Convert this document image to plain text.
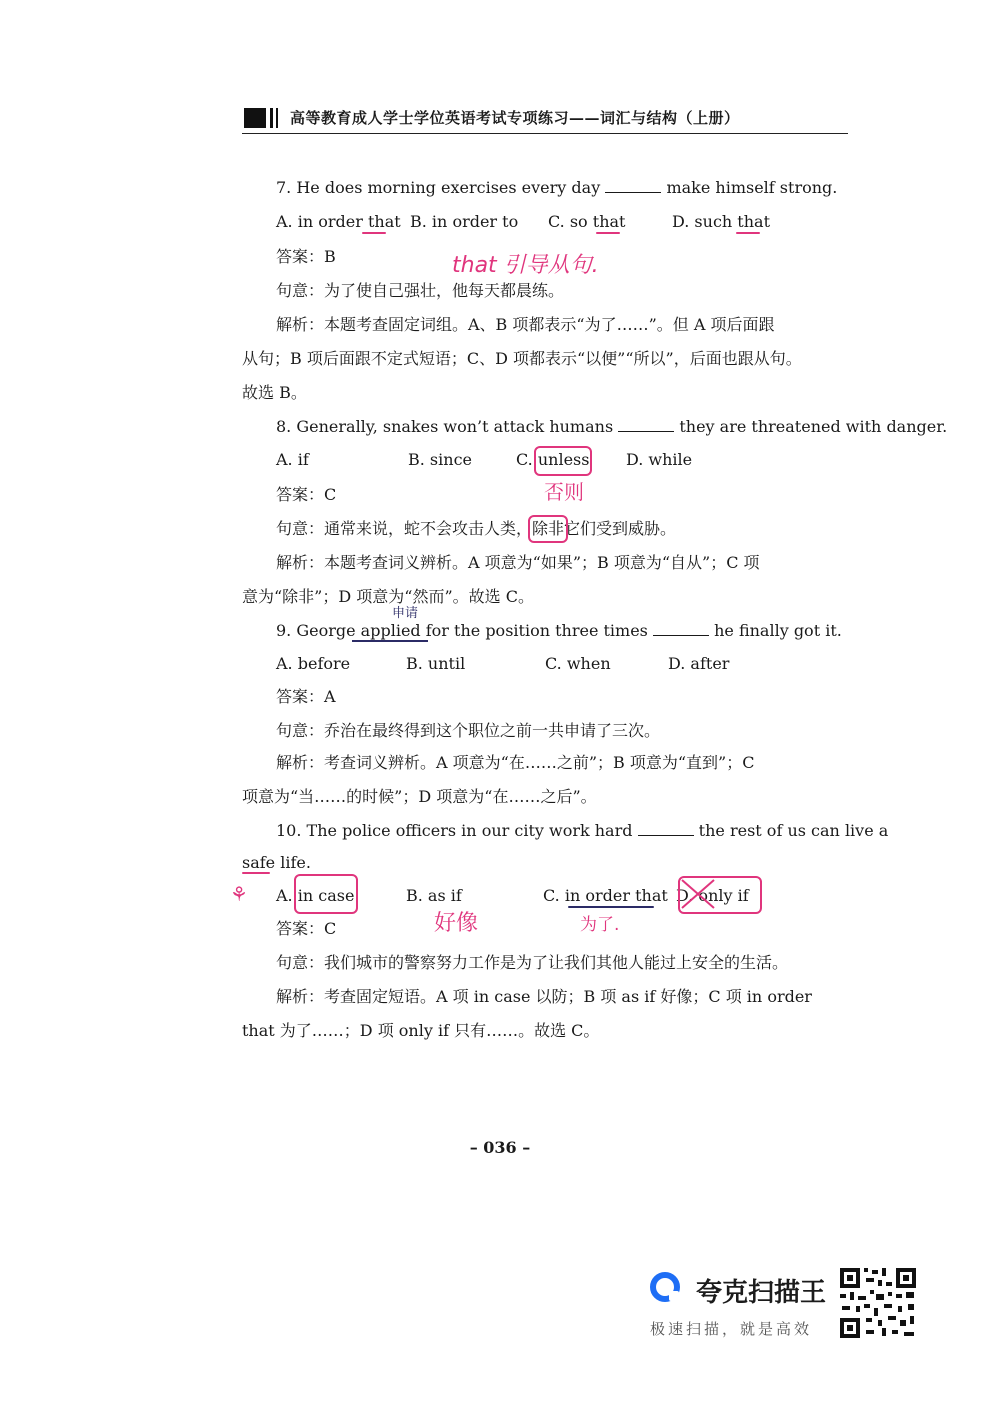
高等教育成人学士学位英语考试专项练习——词汇与结构（上册）
7. He does morning exercises every day	make himself strong.
A. in order that B. in order to C. so that	D. such that
答案：B	that 引导从句.
句意：为了使自己强壮，他每天都晨练。
解析：本题考查固定词组。A、B 项都表示“为了……”。但 A 项后面跟
从句；B 项后面跟不定式短语；C、D 项都表示“以便”“所以”，后面也跟从句。
故选 B。
8. Generally, snakes won’t attack humans	they are threatened with danger.
A. if	B. since	C. unless D. while
答案：C	否则
句意：通常来说，蛇不会攻击人类，除非
它们受到威胁。
解析：本题考查词义辨析。A 项意为“如果”；B 项意为“自从”；C 项
意为“除非”；D 项意为“然而”。故选 C。
申请
9. George applied for the position three times	he finally got it.
A. before	B. until	C. when	D. after
答案：A
句意：乔治在最终得到这个职位之前一共申请了三次。
解析：考查词义辨析。A 项意为“在……之前”；B 项意为“直到”；C
项意为“当……的时候”；D 项意为“在……之后”。
10. The police officers in our city work hard	the rest of us can live a
safe life.
⚘ A. in case	B. as if	C. in order that D. only if
答案：C	好像	为了.
句意：我们城市的警察努力工作是为了让我们其他人能过上安全的生活。
解析：考查固定短语。A 项 in case 以防；B 项 as if 好像；C 项 in order
that 为了……；D 项 only if 只有……。故选 C。
– 036 –
夸克扫描王
极速扫描，就是高效
